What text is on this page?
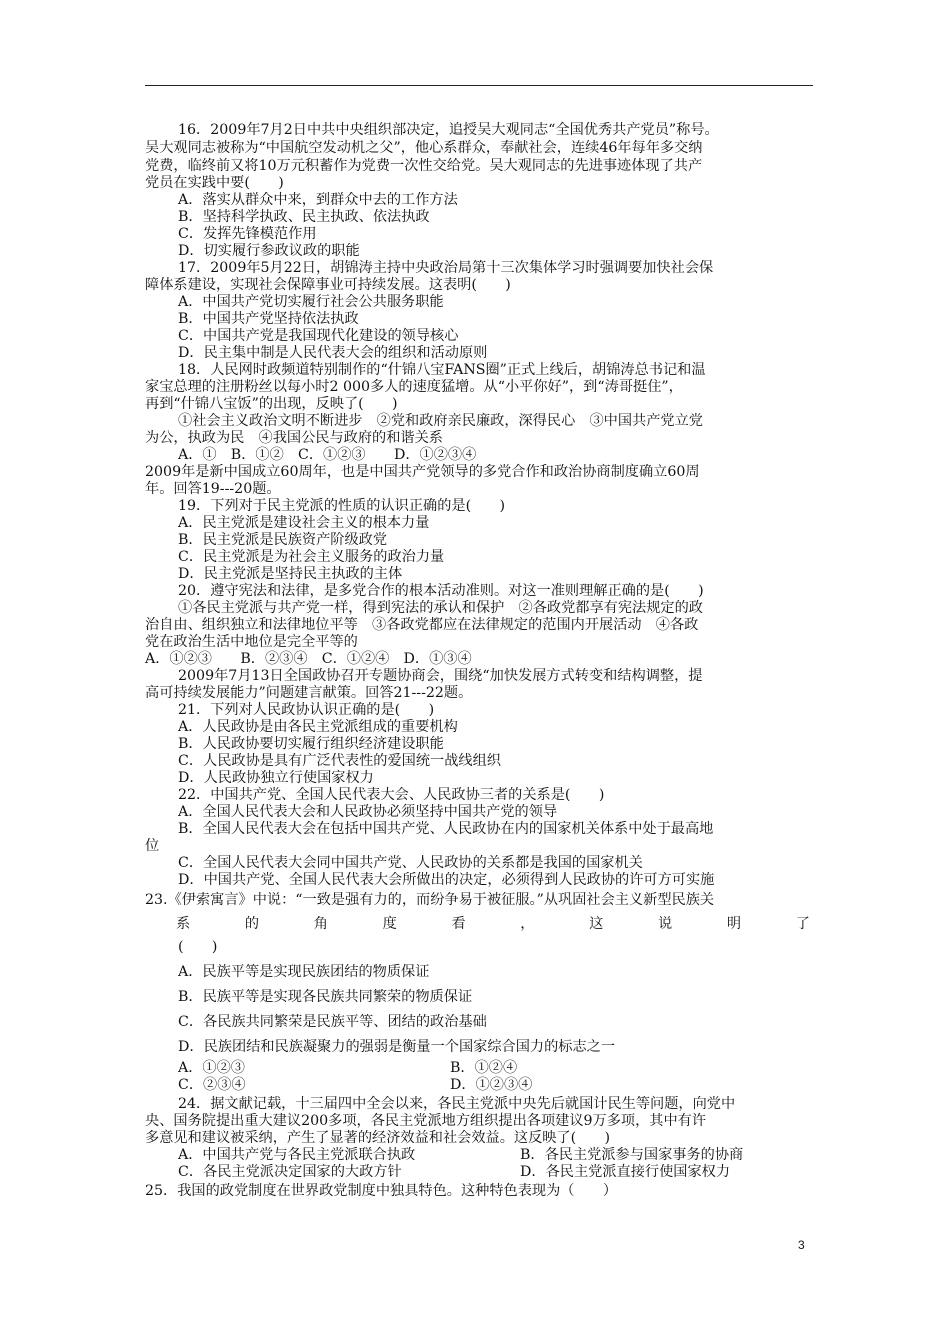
16．2009年7月2日中共中央组织部决定，追授吴大观同志“全国优秀共产党员”称号。
吴大观同志被称为“中国航空发动机之父”，他心系群众，奉献社会，连续46年每年多交纳
党费，临终前又将10万元积蓄作为党费一次性交给党。吴大观同志的先进事迹体现了共产
党员在实践中要(　　)
A．落实从群众中来，到群众中去的工作方法
B．坚持科学执政、民主执政、依法执政
C．发挥先锋模范作用
D．切实履行参政议政的职能
17．2009年5月22日，胡锦涛主持中央政治局第十三次集体学习时强调要加快社会保
障体系建设，实现社会保障事业可持续发展。这表明(　　)
A．中国共产党切实履行社会公共服务职能
B．中国共产党坚持依法执政
C．中国共产党是我国现代化建设的领导核心
D．民主集中制是人民代表大会的组织和活动原则
18．人民网时政频道特别制作的“什锦八宝FANS圈”正式上线后，胡锦涛总书记和温
家宝总理的注册粉丝以每小时2 000多人的速度猛增。从“小平你好”，到“涛哥挺住”，
再到“什锦八宝饭”的出现，反映了(　　)
①社会主义政治文明不断进步　②党和政府亲民廉政，深得民心　③中国共产党立党
为公，执政为民　④我国公民与政府的和谐关系
A．①　B．①②　C．①②③　　D．①②③④
2009年是新中国成立60周年，也是中国共产党领导的多党合作和政治协商制度确立60周
年。回答19---20题。
19．下列对于民主党派的性质的认识正确的是(　　)
A．民主党派是建设社会主义的根本力量
B．民主党派是民族资产阶级政党
C．民主党派是为社会主义服务的政治力量
D．民主党派是坚持民主执政的主体
20．遵守宪法和法律，是多党合作的根本活动准则。对这一准则理解正确的是(　　)
①各民主党派与共产党一样，得到宪法的承认和保护　②各政党都享有宪法规定的政
治自由、组织独立和法律地位平等　③各政党都应在法律规定的范围内开展活动　④各政
党在政治生活中地位是完全平等的
A．①②③　　B．②③④　C．①②④　D．①③④
2009年7月13日全国政协召开专题协商会，围绕“加快发展方式转变和结构调整，提
高可持续发展能力”问题建言献策。回答21---22题。
21．下列对人民政协认识正确的是(　　)
A．人民政协是由各民主党派组成的重要机构
B．人民政协要切实履行组织经济建设职能
C．人民政协是具有广泛代表性的爱国统一战线组织
D．人民政协独立行使国家权力
22．中国共产党、全国人民代表大会、人民政协三者的关系是(　　)
A．全国人民代表大会和人民政协必须坚持中国共产党的领导
B．全国人民代表大会在包括中国共产党、人民政协在内的国家机关体系中处于最高地
位
C．全国人民代表大会同中国共产党、人民政协的关系都是我国的国家机关
D．中国共产党、全国人民代表大会所做出的决定，必须得到人民政协的许可方可实施
23.《伊索寓言》中说：“一致是强有力的，而纷争易于被征服。”从巩固社会主义新型民族关
系	的	角	度	看	，	这	说	明	了
(　　)
A．民族平等是实现民族团结的物质保证
B．民族平等是实现各民族共同繁荣的物质保证
C．各民族共同繁荣是民族平等、团结的政治基础
D．民族团结和民族凝聚力的强弱是衡量一个国家综合国力的标志之一
A．①②③	B．①②④
C．②③④	D．①②③④
24．据文献记载，十三届四中全会以来，各民主党派中央先后就国计民生等问题，向党中
央、国务院提出重大建议200多项，各民主党派地方组织提出各项建议9万多项，其中有许
多意见和建议被采纳，产生了显著的经济效益和社会效益。这反映了(　　)
A．中国共产党与各民主党派联合执政	B．各民主党派参与国家事务的协商
C．各民主党派决定国家的大政方针	D．各民主党派直接行使国家权力
25．我国的政党制度在世界政党制度中独具特色。这种特色表现为（　　）
3
